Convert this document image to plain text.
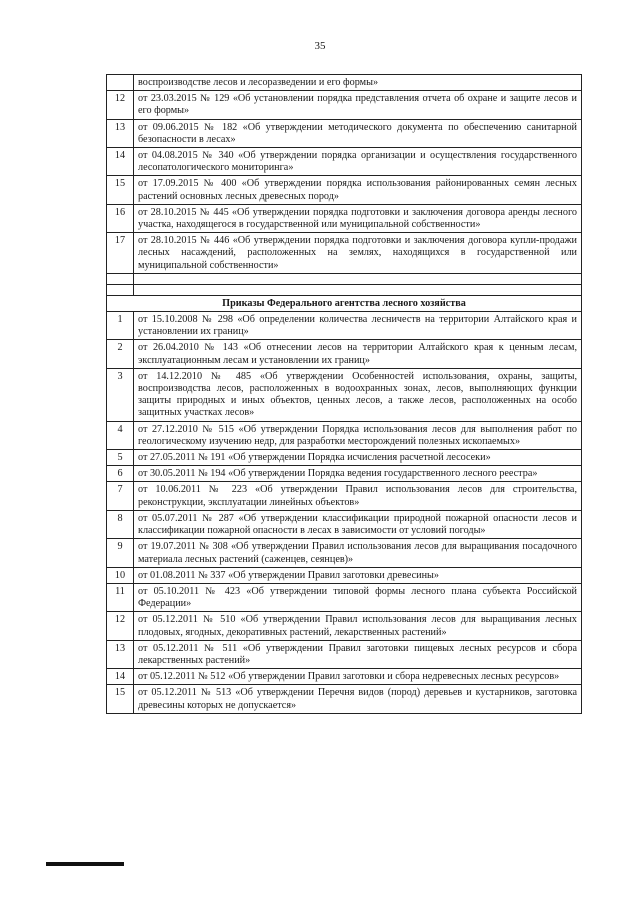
35
	воспроизводстве лесов и лесоразведении и его формы»
12	от 23.03.2015 № 129 «Об установлении порядка представления отчета об охране и защите лесов и его формы»
13	от 09.06.2015 № 182 «Об утверждении методического документа по обеспечению санитарной безопасности в лесах»
14	от 04.08.2015 № 340 «Об утверждении порядка организации и осуществления государственного лесопатологического мониторинга»
15	от 17.09.2015 № 400 «Об утверждении порядка использования районированных семян лесных растений основных лесных древесных пород»
16	от 28.10.2015 № 445 «Об утверждении порядка подготовки и заключения договора аренды лесного участка, находящегося в государственной или муниципальной собственности»
17	от 28.10.2015 № 446 «Об утверждении порядка подготовки и заключения договора купли-продажи лесных насаждений, расположенных на землях, находящихся в государственной или муниципальной собственности»

Приказы Федерального агентства лесного хозяйства	
1	от 15.10.2008 № 298 «Об определении количества лесничеств на территории Алтайского края и установлении их границ»
2	от 26.04.2010 № 143 «Об отнесении лесов на территории Алтайского края к ценным лесам, эксплуатационным лесам и установлении их границ»
3	от 14.12.2010 № 485 «Об утверждении Особенностей использования, охраны, защиты, воспроизводства лесов, расположенных в водоохранных зонах, лесов, выполняющих функции защиты природных и иных объектов, ценных лесов, а также лесов, расположенных на особо защитных участках лесов»
4	от 27.12.2010 № 515 «Об утверждении Порядка использования лесов для выполнения работ по геологическому изучению недр, для разработки месторождений полезных ископаемых»
5	от 27.05.2011 № 191 «Об утверждении Порядка исчисления расчетной лесосеки»
6	от 30.05.2011 № 194 «Об утверждении Порядка ведения государственного лесного реестра»
7	от 10.06.2011 № 223 «Об утверждении Правил использования лесов для строительства, реконструкции, эксплуатации линейных объектов»
8	от 05.07.2011 № 287 «Об утверждении классификации природной пожарной опасности лесов и классификации пожарной опасности в лесах в зависимости от условий погоды»
9	от 19.07.2011 № 308 «Об утверждении Правил использования лесов для выращивания посадочного материала лесных растений (саженцев, сеянцев)»
10	от 01.08.2011 № 337 «Об утверждении Правил заготовки древесины»
11	от 05.10.2011 № 423 «Об утверждении типовой формы лесного плана субъекта Российской Федерации»
12	от 05.12.2011 № 510 «Об утверждении Правил использования лесов для выращивания лесных плодовых, ягодных, декоративных растений, лекарственных растений»
13	от 05.12.2011 № 511 «Об утверждении Правил заготовки пищевых лесных ресурсов и сбора лекарственных растений»
14	от 05.12.2011 № 512 «Об утверждении Правил заготовки и сбора недревесных лесных ресурсов»
15	от 05.12.2011 № 513 «Об утверждении Перечня видов (пород) деревьев и кустарников, заготовка древесины которых не допускается»
